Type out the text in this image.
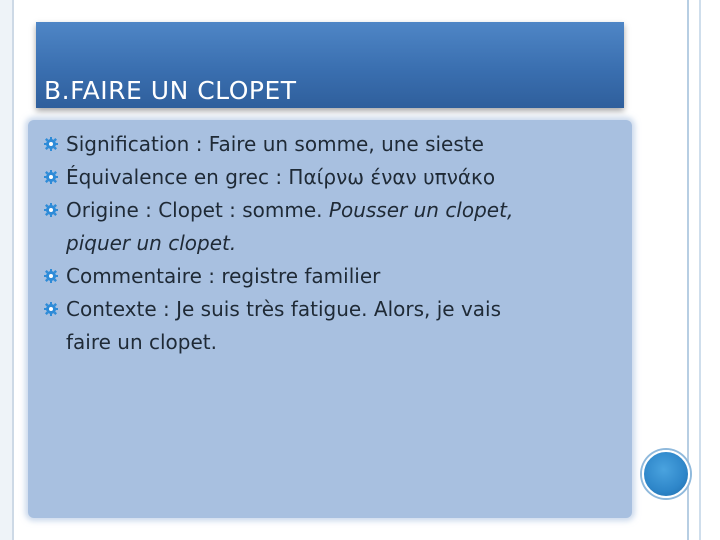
B.FAIRE UN CLOPET
Signification : Faire un somme, une sieste
Équivalence en grec : Παίρνω έναν υπνάκο
Origine : Clopet : somme. Pousser un clopet,
piquer un clopet.
Commentaire : registre familier
Contexte : Je suis très fatigue. Alors, je vais
faire un clopet.
